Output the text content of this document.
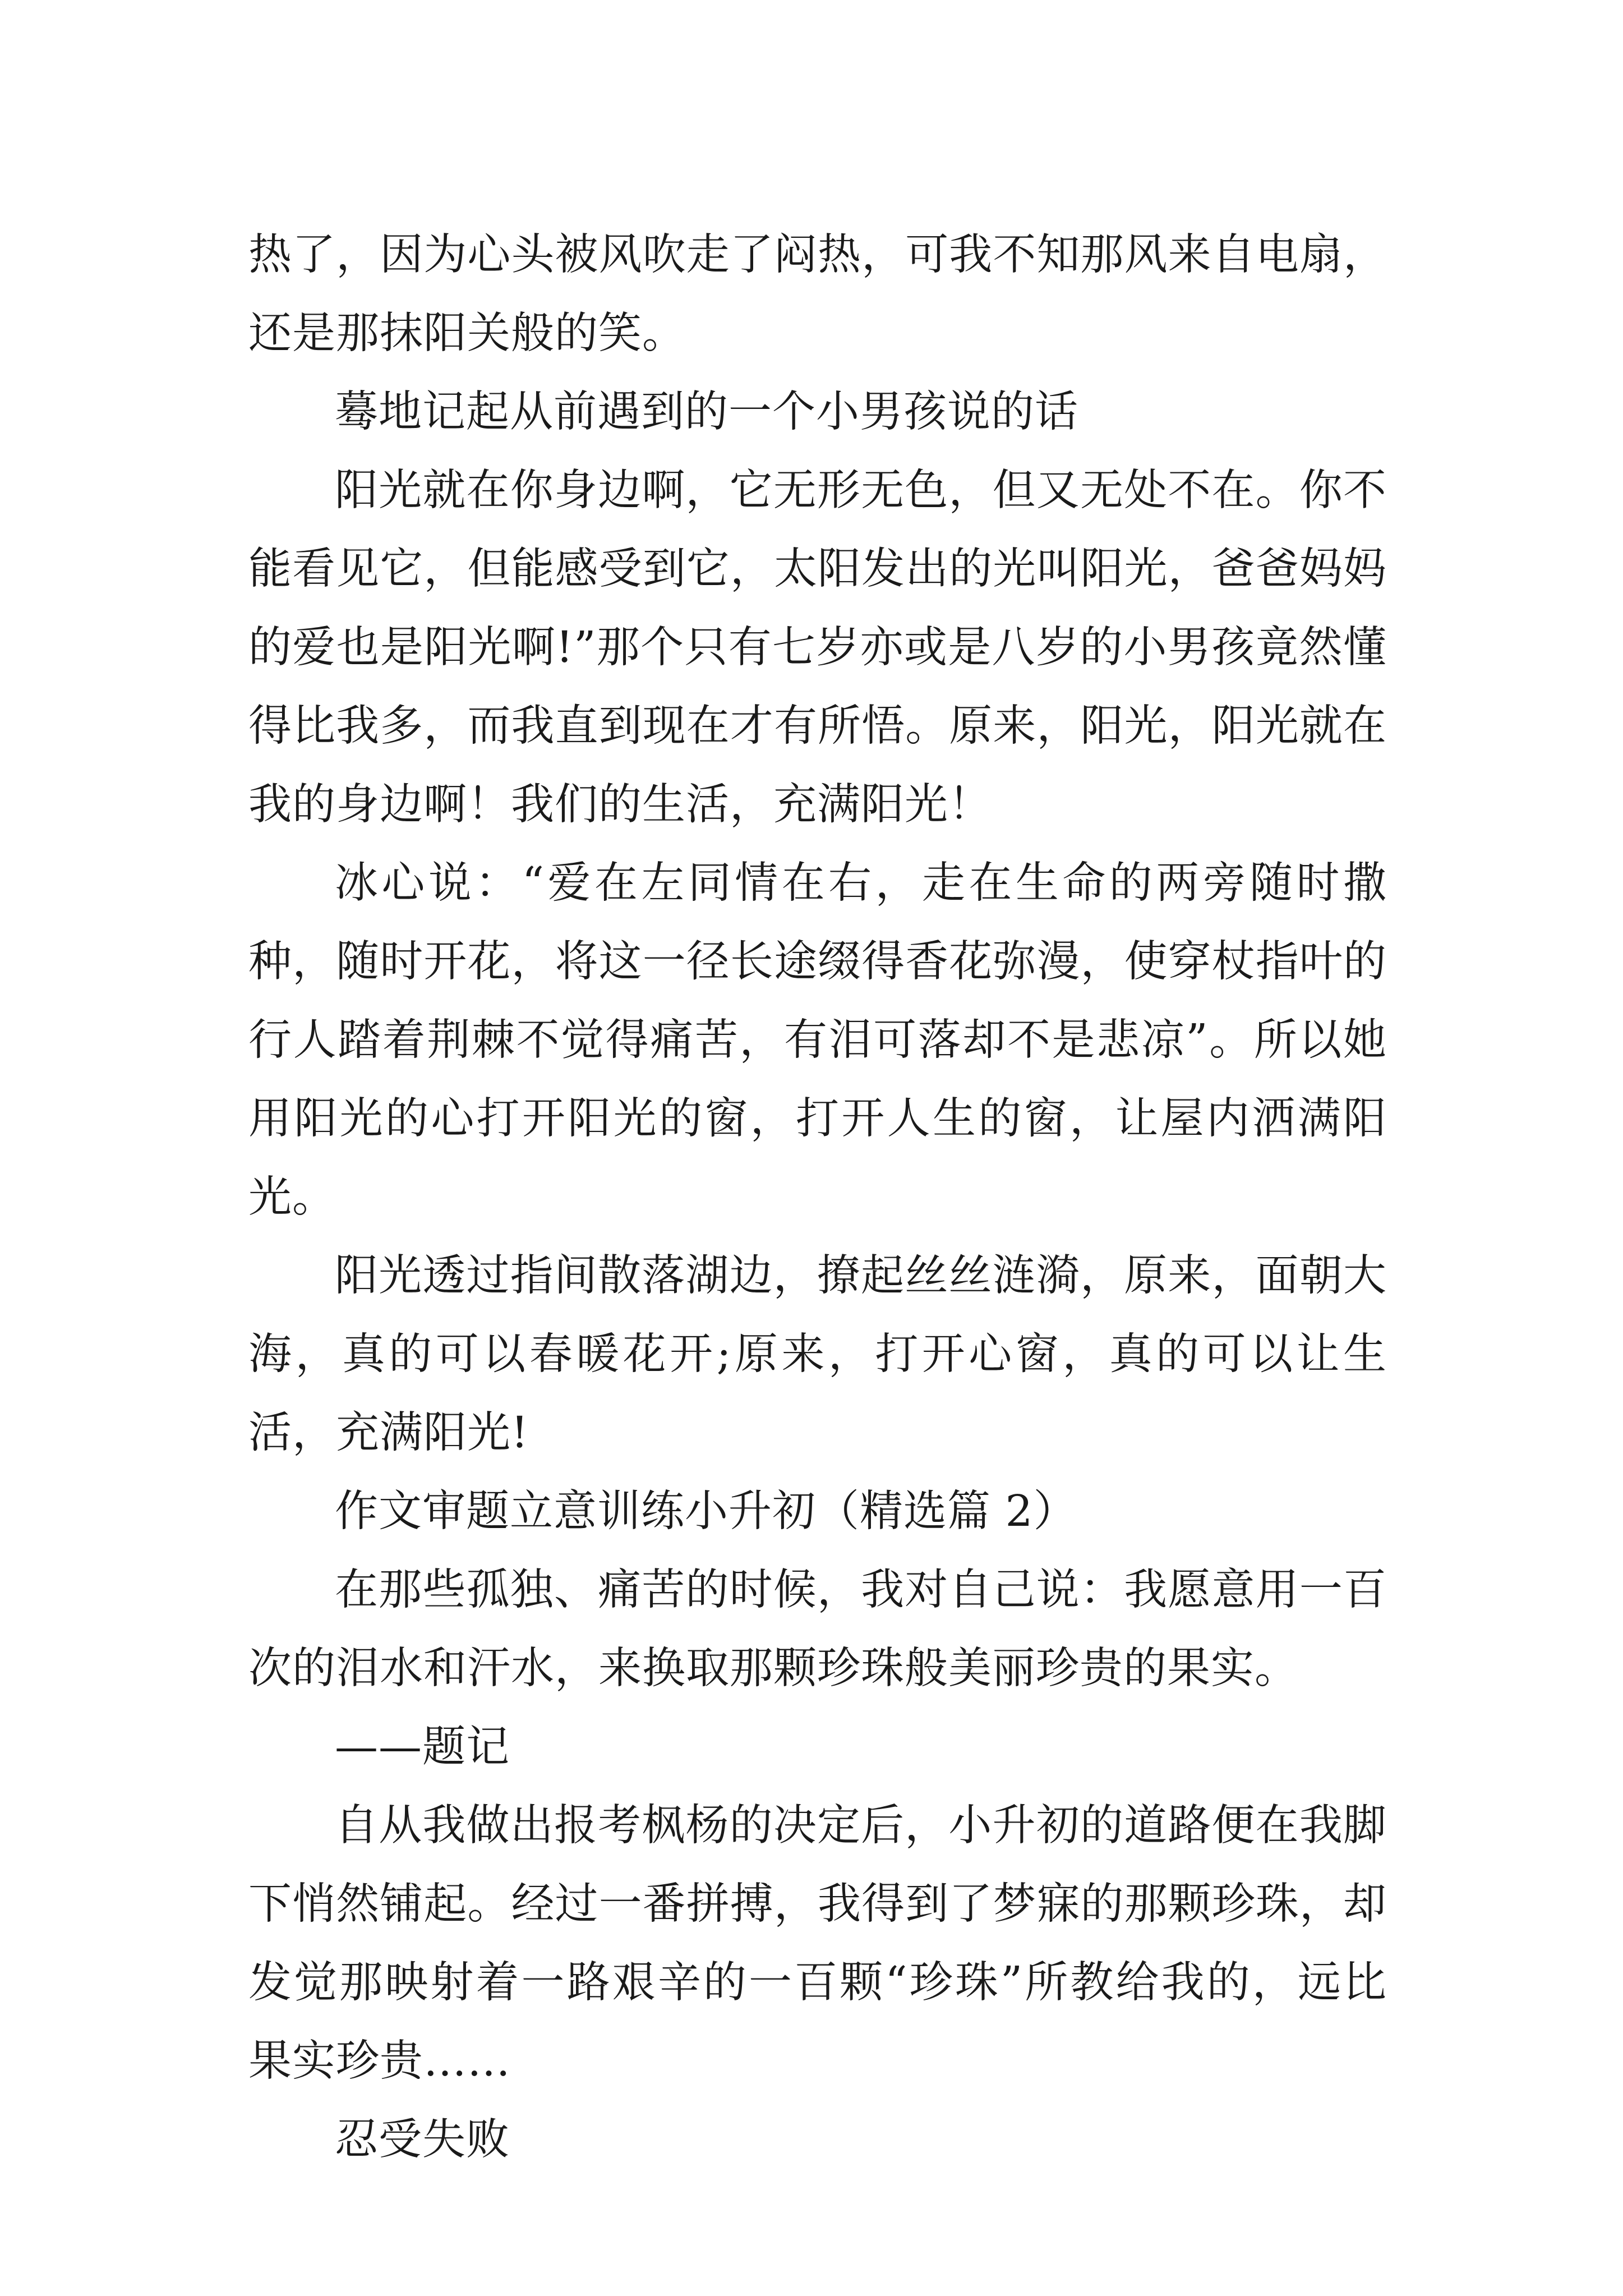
热了，因为心头被风吹走了闷热，可我不知那风来自电扇，还是那抹阳关般的笑。

蓦地记起从前遇到的一个小男孩说的话

阳光就在你身边啊，它无形无色，但又无处不在。你不能看见它，但能感受到它，太阳发出的光叫阳光，爸爸妈妈的爱也是阳光啊!”那个只有七岁亦或是八岁的小男孩竟然懂得比我多，而我直到现在才有所悟。原来，阳光，阳光就在我的身边啊！我们的生活，充满阳光！

冰心说：“爱在左同情在右，走在生命的两旁随时撒种，随时开花，将这一径长途缀得香花弥漫，使穿杖指叶的行人踏着荆棘不觉得痛苦，有泪可落却不是悲凉”。所以她用阳光的心打开阳光的窗，打开人生的窗，让屋内洒满阳光。

阳光透过指间散落湖边，撩起丝丝涟漪，原来，面朝大海，真的可以春暖花开;原来，打开心窗，真的可以让生活，充满阳光!

作文审题立意训练小升初（精选篇 2）

在那些孤独、痛苦的时候，我对自己说：我愿意用一百次的泪水和汗水，来换取那颗珍珠般美丽珍贵的果实。

——题记

自从我做出报考枫杨的决定后，小升初的道路便在我脚下悄然铺起。经过一番拼搏，我得到了梦寐的那颗珍珠，却发觉那映射着一路艰辛的一百颗“珍珠”所教给我的，远比果实珍贵……

忍受失败
